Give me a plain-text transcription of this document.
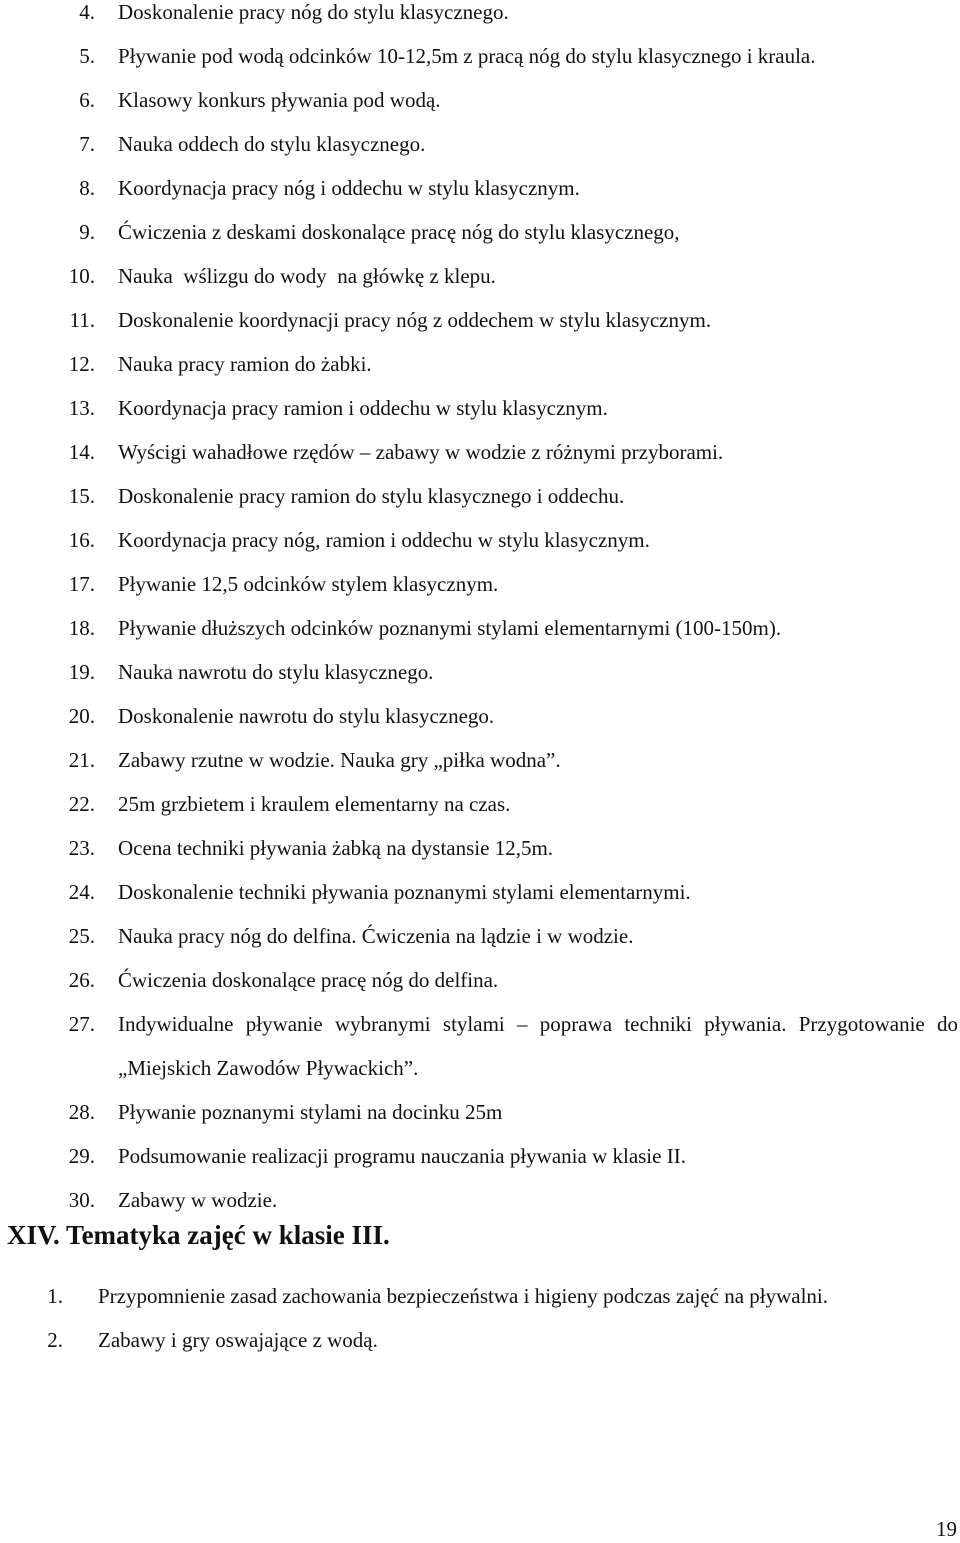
4. Doskonalenie pracy nóg do stylu klasycznego.
5. Pływanie pod wodą odcinków 10-12,5m z pracą nóg do stylu klasycznego i kraula.
6. Klasowy konkurs pływania pod wodą.
7. Nauka oddech do stylu klasycznego.
8. Koordynacja pracy nóg i oddechu w stylu klasycznym.
9. Ćwiczenia z deskami doskonalące pracę nóg do stylu klasycznego,
10. Nauka  wślizgu do wody  na główkę z klepu.
11. Doskonalenie koordynacji pracy nóg z oddechem w stylu klasycznym.
12. Nauka pracy ramion do żabki.
13. Koordynacja pracy ramion i oddechu w stylu klasycznym.
14. Wyścigi wahadłowe rzędów – zabawy w wodzie z różnymi przyborami.
15. Doskonalenie pracy ramion do stylu klasycznego i oddechu.
16. Koordynacja pracy nóg, ramion i oddechu w stylu klasycznym.
17. Pływanie 12,5 odcinków stylem klasycznym.
18. Pływanie dłuższych odcinków poznanymi stylami elementarnymi (100-150m).
19. Nauka nawrotu do stylu klasycznego.
20. Doskonalenie nawrotu do stylu klasycznego.
21. Zabawy rzutne w wodzie. Nauka gry „piłka wodna”.
22. 25m grzbietem i kraulem elementarny na czas.
23. Ocena techniki pływania żabką na dystansie 12,5m.
24. Doskonalenie techniki pływania poznanymi stylami elementarnymi.
25. Nauka pracy nóg do delfina. Ćwiczenia na lądzie i w wodzie.
26. Ćwiczenia doskonalące pracę nóg do delfina.
27. Indywidualne pływanie wybranymi stylami – poprawa techniki pływania. Przygotowanie do „Miejskich Zawodów Pływackich”.
28. Pływanie poznanymi stylami na docinku 25m
29. Podsumowanie realizacji programu nauczania pływania w klasie II.
30. Zabawy w wodzie.
XIV. Tematyka zajęć w klasie III.
1. Przypomnienie zasad zachowania bezpieczeństwa i higieny podczas zajęć na pływalni.
2. Zabawy i gry oswajające z wodą.
19
